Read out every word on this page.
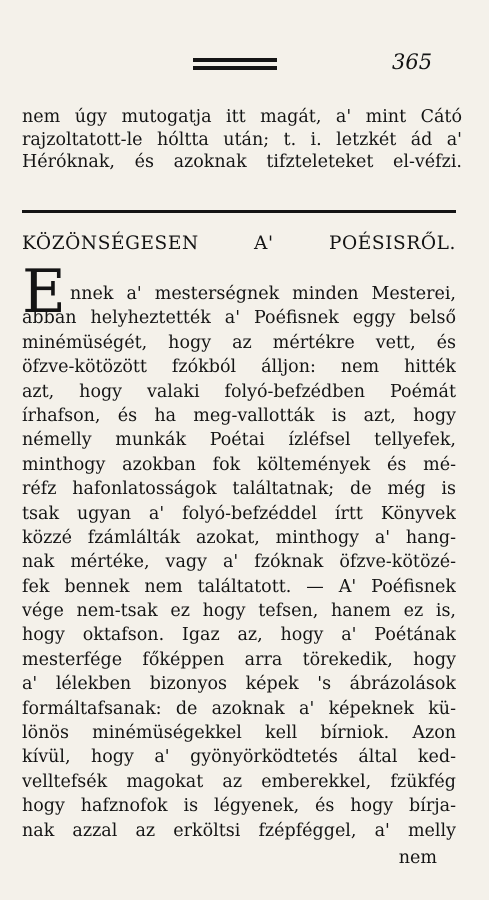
365
nem úgy mutogatja itt magát, a' mint Cátó
rajzoltatott-le hóltta után; t. i. letzkét ád a'
Héróknak, és azoknak tifzteleteket el-véfzi.
KÖZÖNSÉGESEN A' POÉSISRŐL.
E nnek a' mesterségnek minden Mesterei,
abban helyheztették a' Poéfisnek eggy belső
minémüségét, hogy az mértékre vett, és
öfzve-kötözött fzókból álljon: nem hitték
azt, hogy valaki folyó-befzédben Poémát
írhafson, és ha meg-vallották is azt, hogy
némelly munkák Poétai ízléfsel tellyefek,
minthogy azokban fok költemények és mé-
réfz hafonlatosságok találtatnak; de még is
tsak ugyan a' folyó-befzéddel írtt Könyvek
közzé fzámlálták azokat, minthogy a' hang-
nak mértéke, vagy a' fzóknak öfzve-kötözé-
fek bennek nem találtatott. — A' Poéfisnek
vége nem-tsak ez hogy tefsen, hanem ez is,
hogy oktafson. Igaz az, hogy a' Poétának
mesterfége főképpen arra törekedik, hogy
a' lélekben bizonyos képek 's ábrázolások
formáltafsanak: de azoknak a' képeknek kü-
lönös minémüségekkel kell bírniok. Azon
kívül, hogy a' gyönyörködtetés által ked-
velltefsék magokat az emberekkel, fzükfég
hogy hafznofok is légyenek, és hogy bírja-
nak azzal az erköltsi fzépféggel, a' melly
nem
